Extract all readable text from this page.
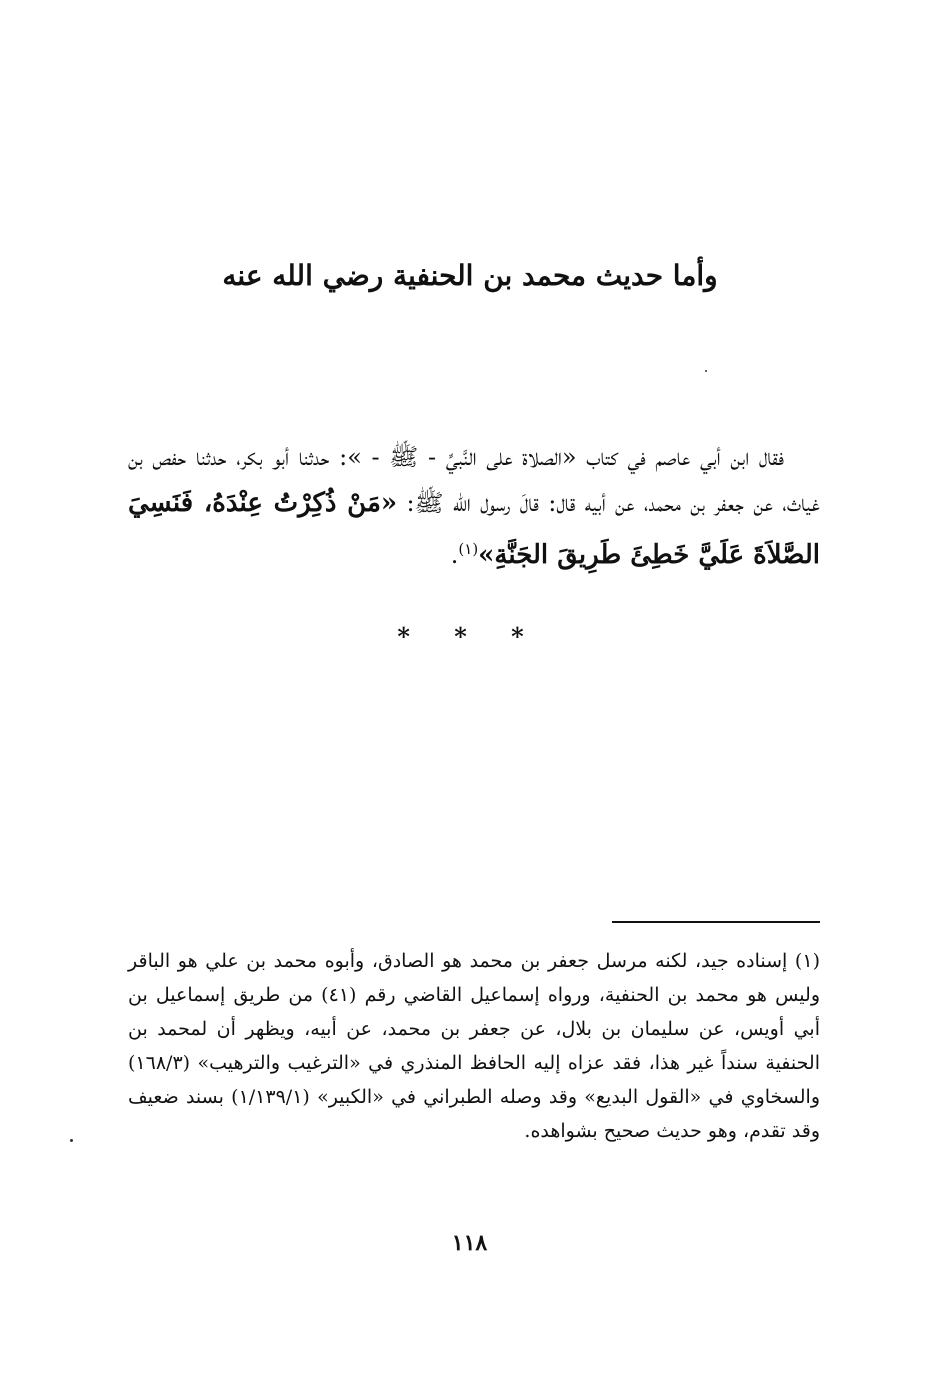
وأما حديث محمد بن الحنفية رضي الله عنه

فقال ابن أبي عاصم في كتاب «الصلاة على النَّبيِّ - ﷺ - »: حدثنا أبو بكر، حدثنا حفص بن غياث، عن جعفر بن محمد، عن أبيه قال: قالَ رسول الله ﷺ: «مَنْ ذُكِرْتُ عِنْدَهُ، فَنَسِيَ الصَّلاَةَ عَلَيَّ خَطِئَ طَرِيقَ الجَنَّةِ»$^{(١)}$.

* * *

(١) إسناده جيد، لكنه مرسل جعفر بن محمد هو الصادق، وأبوه محمد بن علي هو الباقر وليس هو محمد بن الحنفية، ورواه إسماعيل القاضي رقم (٤١) من طريق إسماعيل بن أبي أويس، عن سليمان بن بلال، عن جعفر بن محمد، عن أبيه، ويظهر أن لمحمد بن الحنفية سنداً غير هذا، فقد عزاه إليه الحافظ المنذري في «الترغيب والترهيب» (١٦٨/٣) والسخاوي في «القول البديع» وقد وصله الطبراني في «الكبير» (١/١٣٩/١) بسند ضعيف وقد تقدم، وهو حديث صحيح بشواهده.

١١٨
